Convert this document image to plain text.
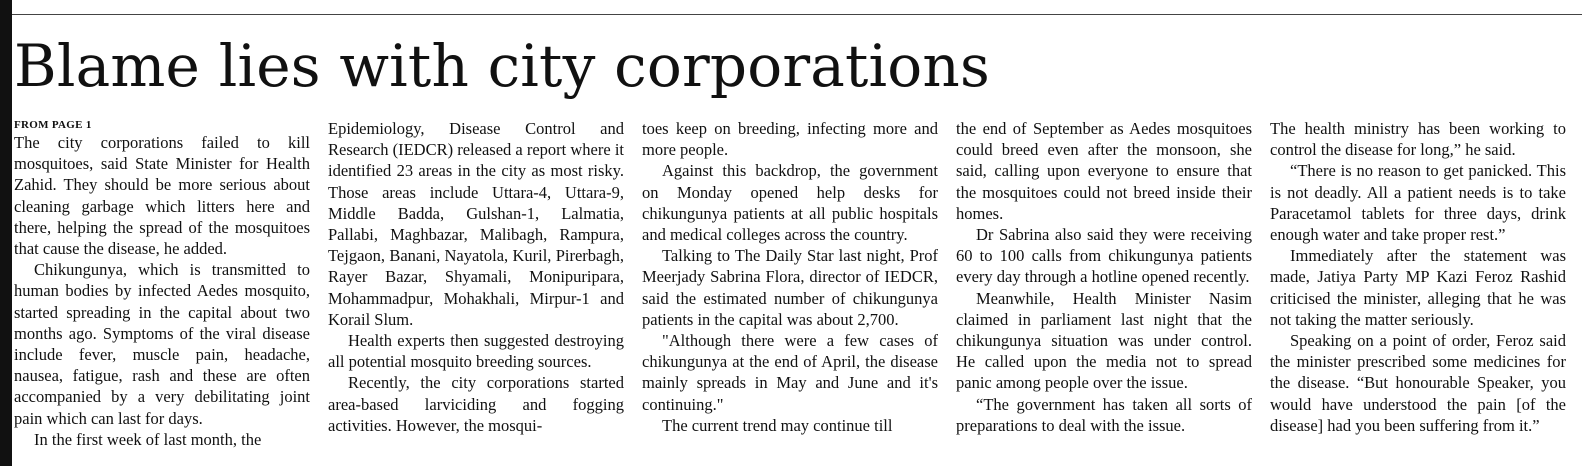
Blame lies with city corporations
FROM PAGE 1

The city corporations failed to kill mosquitoes, said State Minister for Health Zahid. They should be more serious about cleaning garbage which litters here and there, helping the spread of the mosquitoes that cause the disease, he added.

Chikungunya, which is transmitted to human bodies by infected Aedes mosquito, started spreading in the capital about two months ago. Symptoms of the viral disease include fever, muscle pain, headache, nausea, fatigue, rash and these are often accompanied by a very debilitating joint pain which can last for days.

In the first week of last month, the

Epidemiology, Disease Control and Research (IEDCR) released a report where it identified 23 areas in the city as most risky. Those areas include Uttara-4, Uttara-9, Middle Badda, Gulshan-1, Lalmatia, Pallabi, Maghbazar, Malibagh, Rampura, Tejgaon, Banani, Nayatola, Kuril, Pirerbagh, Rayer Bazar, Shyamali, Monipuripara, Mohammadpur, Mohakhali, Mirpur-1 and Korail Slum.

Health experts then suggested destroying all potential mosquito breeding sources.

Recently, the city corporations started area-based larviciding and fogging activities. However, the mosqui-

toes keep on breeding, infecting more and more people.

Against this backdrop, the government on Monday opened help desks for chikungunya patients at all public hospitals and medical colleges across the country.

Talking to The Daily Star last night, Prof Meerjady Sabrina Flora, director of IEDCR, said the estimated number of chikungunya patients in the capital was about 2,700.

"Although there were a few cases of chikungunya at the end of April, the disease mainly spreads in May and June and it's continuing."

The current trend may continue till

the end of September as Aedes mosquitoes could breed even after the monsoon, she said, calling upon everyone to ensure that the mosquitoes could not breed inside their homes.

Dr Sabrina also said they were receiving 60 to 100 calls from chikungunya patients every day through a hotline opened recently.

Meanwhile, Health Minister Nasim claimed in parliament last night that the chikungunya situation was under control. He called upon the media not to spread panic among people over the issue.

“The government has taken all sorts of preparations to deal with the issue.

The health ministry has been working to control the disease for long,” he said.

“There is no reason to get panicked. This is not deadly. All a patient needs is to take Paracetamol tablets for three days, drink enough water and take proper rest.”

Immediately after the statement was made, Jatiya Party MP Kazi Feroz Rashid criticised the minister, alleging that he was not taking the matter seriously.

Speaking on a point of order, Feroz said the minister prescribed some medicines for the disease. “But honourable Speaker, you would have understood the pain [of the disease] had you been suffering from it.”
